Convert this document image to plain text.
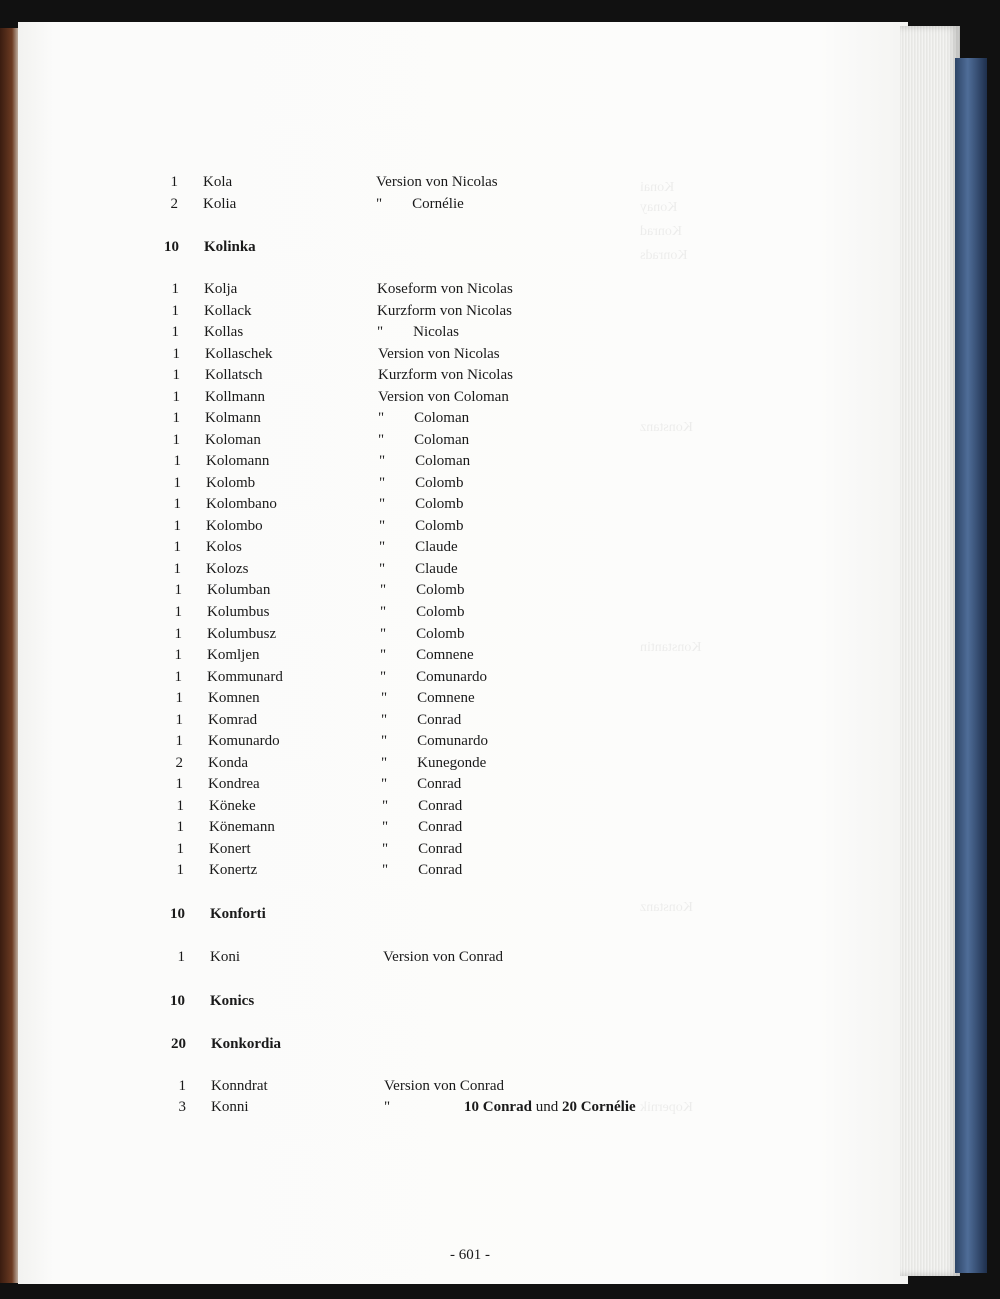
Konai
Konay
Konrad
Konrads
Konstanz
Konstantin
Konstanz
Kopernik
1 Kola	Version von Nicolas
2 Kolia	"        Cornélie
10 Kolinka
1 Kolja	Koseform von Nicolas
1 Kollack	Kurzform von Nicolas
1 Kollas	"        Nicolas
1 Kollaschek	Version von Nicolas
1 Kollatsch	Kurzform von Nicolas
1 Kollmann	Version von Coloman
1 Kolmann	"        Coloman
1 Koloman	"        Coloman
1 Kolomann	"        Coloman
1 Kolomb	"        Colomb
1 Kolombano	"        Colomb
1 Kolombo	"        Colomb
1 Kolos	"        Claude
1 Kolozs	"        Claude
1 Kolumban	"        Colomb
1 Kolumbus	"        Colomb
1 Kolumbusz	"        Colomb
1 Komljen	"        Comnene
1 Kommunard	"        Comunardo
1 Komnen	"        Comnene
1 Komrad	"        Conrad
1 Komunardo	"        Comunardo
2 Konda	"        Kunegonde
1 Kondrea	"        Conrad
1 Köneke	"        Conrad
1 Könemann	"        Conrad
1 Konert	"        Conrad
1 Konertz	"        Conrad
10 Konforti
1 Koni	Version von Conrad
10 Konics
20 Konkordia
1 Konndrat	Version von Conrad
3 Konni	"	10 Conrad und 20 Cornélie
- 601 -
